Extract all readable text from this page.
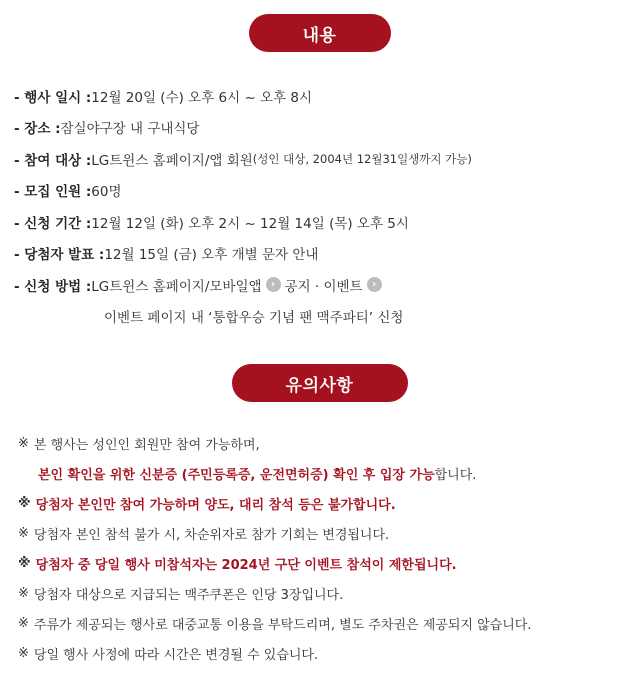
내용
- 행사 일시 : 12월 20일 (수) 오후 6시 ~ 오후 8시
- 장소 : 잠실야구장 내 구내식당
- 참여 대상 : LG트윈스 홈페이지/앱 회원 (성인 대상, 2004년 12월31일생까지 가능)
- 모집 인원 : 60명
- 신청 기간 : 12월 12일 (화) 오후 2시 ~ 12월 14일 (목) 오후 5시
- 당첨자 발표 : 12월 15일 (금) 오후 개별 문자 안내
- 신청 방법 : LG트윈스 홈페이지/모바일앱 › 공지 · 이벤트 ›
이벤트 페이지 내 ‘통합우승 기념 팬 맥주파티’ 신청
유의사항
※ 본 행사는 성인인 회원만 참여 가능하며,
본인 확인을 위한 신분증 (주민등록증, 운전면허증) 확인 후 입장 가능 합니다.
※ 당첨자 본인만 참여 가능하며 양도, 대리 참석 등은 불가합니다.
※ 당첨자 본인 참석 불가 시, 차순위자로 참가 기회는 변경됩니다.
※ 당첨자 중 당일 행사 미참석자는 2024년 구단 이벤트 참석이 제한됩니다.
※ 당첨자 대상으로 지급되는 맥주쿠폰은 인당 3장입니다.
※ 주류가 제공되는 행사로 대중교통 이용을 부탁드리며, 별도 주차권은 제공되지 않습니다.
※ 당일 행사 사정에 따라 시간은 변경될 수 있습니다.
